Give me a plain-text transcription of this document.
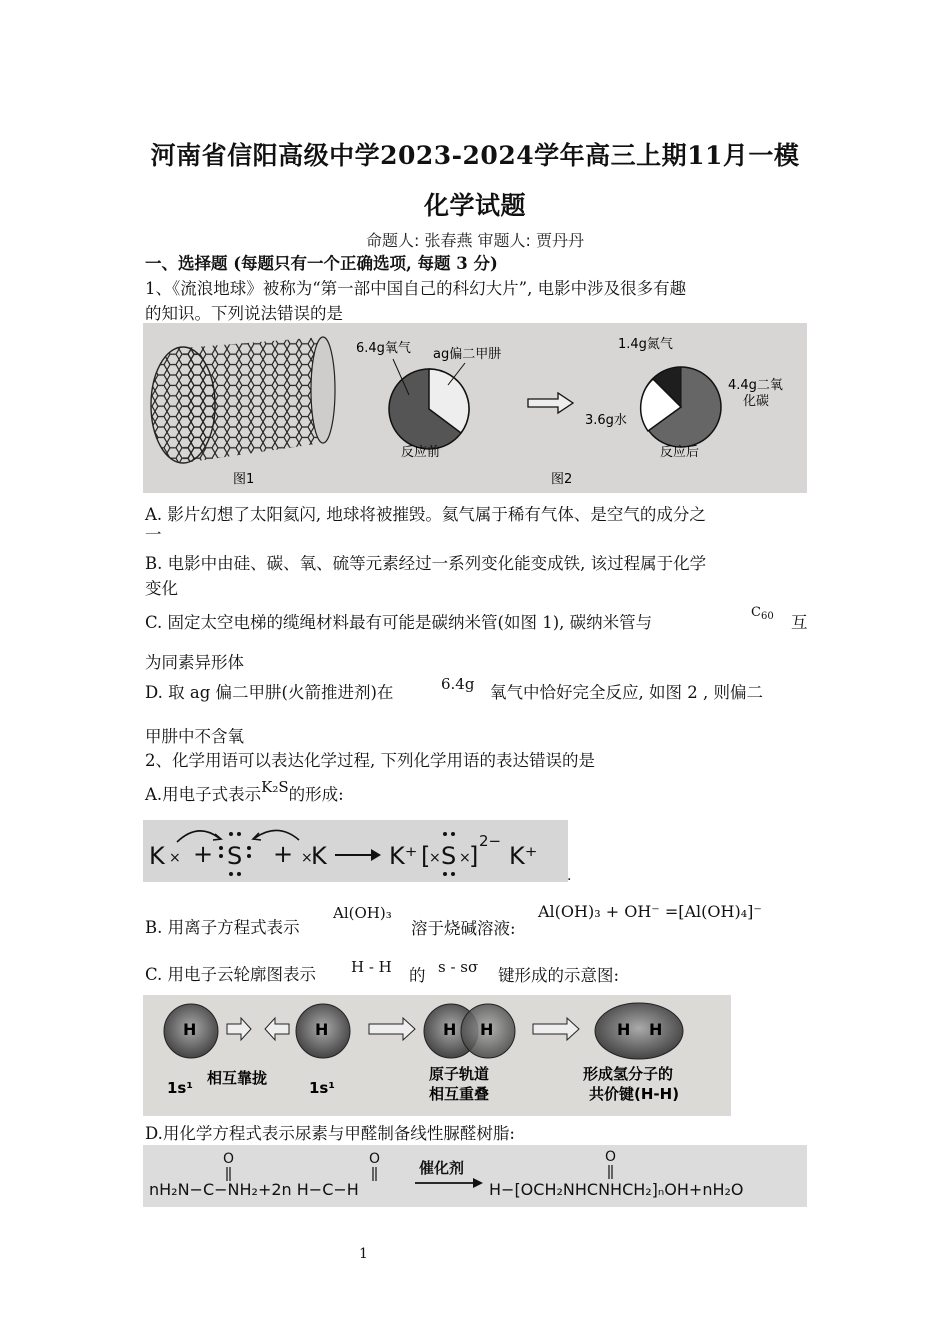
河南省信阳高级中学2023-2024学年高三上期11月一模
化学试题
命题人: 张春燕 审题人: 贾丹丹
一、选择题 (每题只有一个正确选项, 每题 3 分)
1、《流浪地球》被称为“第一部中国自己的科幻大片”, 电影中涉及很多有趣
的知识。下列说法错误的是
图1
6.4g氧气 ag偏二甲肼
反应前
图2
1.4g氮气
4.4g二氧
化碳
3.6g水
反应后
A. 影片幻想了太阳氦闪, 地球将被摧毁。氦气属于稀有气体、是空气的成分之
一
B. 电影中由硅、碳、氧、硫等元素经过一系列变化能变成铁, 该过程属于化学
变化
C. 固定太空电梯的缆绳材料最有可能是碳纳米管(如图 1), 碳纳米管与
$C_{60}$ 互
为同素异形体
D. 取 ag 偏二甲肼(火箭推进剂)在	6.4g 氧气中恰好完全反应, 如图 2 , 则偏二
甲肼中不含氧
2、化学用语可以表达化学过程, 下列化学用语的表达错误的是
A.用电子式表示K₂S的形成:
K × + S + ×
K	K⁺ [
× S ×
]
2−
K⁺
.
B. 用离子方程式表示
Al(OH)₃
溶于烧碱溶液:
Al(OH)₃ + OH⁻ =[Al(OH)₄]⁻
C. 用电子云轮廓图表示	H - H 的 s - sσ 键形成的示意图:
H	H
1s¹
相互靠拢
1s¹
H H
原子轨道
相互重叠
H H
形成氢分子的
共价键(H-H)
D.用化学方程式表示尿素与甲醛制备线性脲醛树脂:
nH₂N−C−NH₂+2n H−C−H
O	O	O
催化剂
H−[OCH₂NHCNHCH₂]ₙOH+nH₂O
1
